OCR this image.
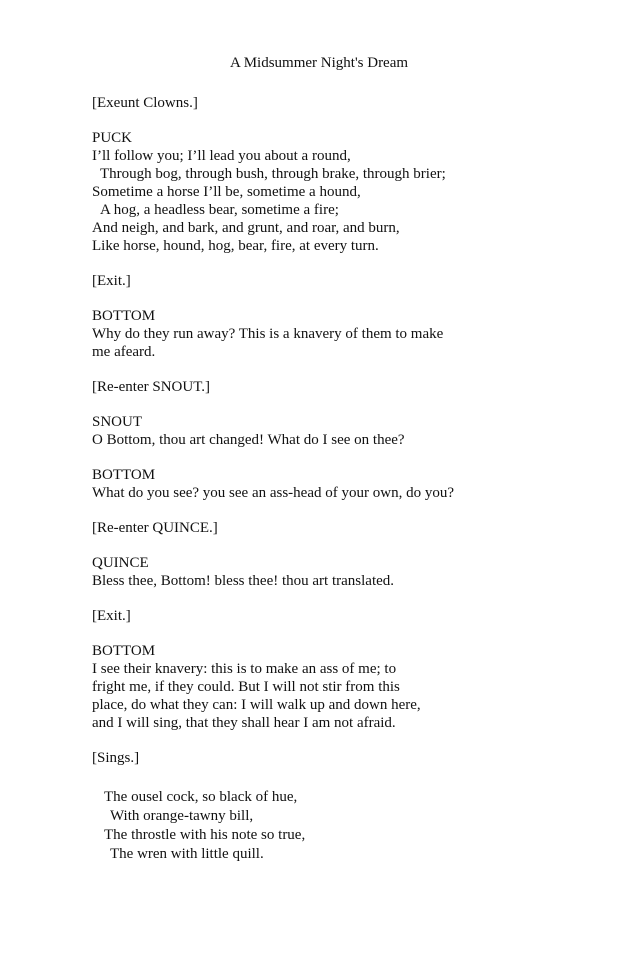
A Midsummer Night's Dream
[Exeunt Clowns.]
PUCK
I’ll follow you; I’ll lead you about a round,
Through bog, through bush, through brake, through brier;
Sometime a horse I’ll be, sometime a hound,
A hog, a headless bear, sometime a fire;
And neigh, and bark, and grunt, and roar, and burn,
Like horse, hound, hog, bear, fire, at every turn.
[Exit.]
BOTTOM
Why do they run away? This is a knavery of them to make
me afeard.
[Re-enter SNOUT.]
SNOUT
O Bottom, thou art changed! What do I see on thee?
BOTTOM
What do you see? you see an ass-head of your own, do you?
[Re-enter QUINCE.]
QUINCE
Bless thee, Bottom! bless thee! thou art translated.
[Exit.]
BOTTOM
I see their knavery: this is to make an ass of me; to
fright me, if they could. But I will not stir from this
place, do what they can: I will walk up and down here,
and I will sing, that they shall hear I am not afraid.
[Sings.]
The ousel cock, so black of hue,
With orange-tawny bill,
The throstle with his note so true,
The wren with little quill.
